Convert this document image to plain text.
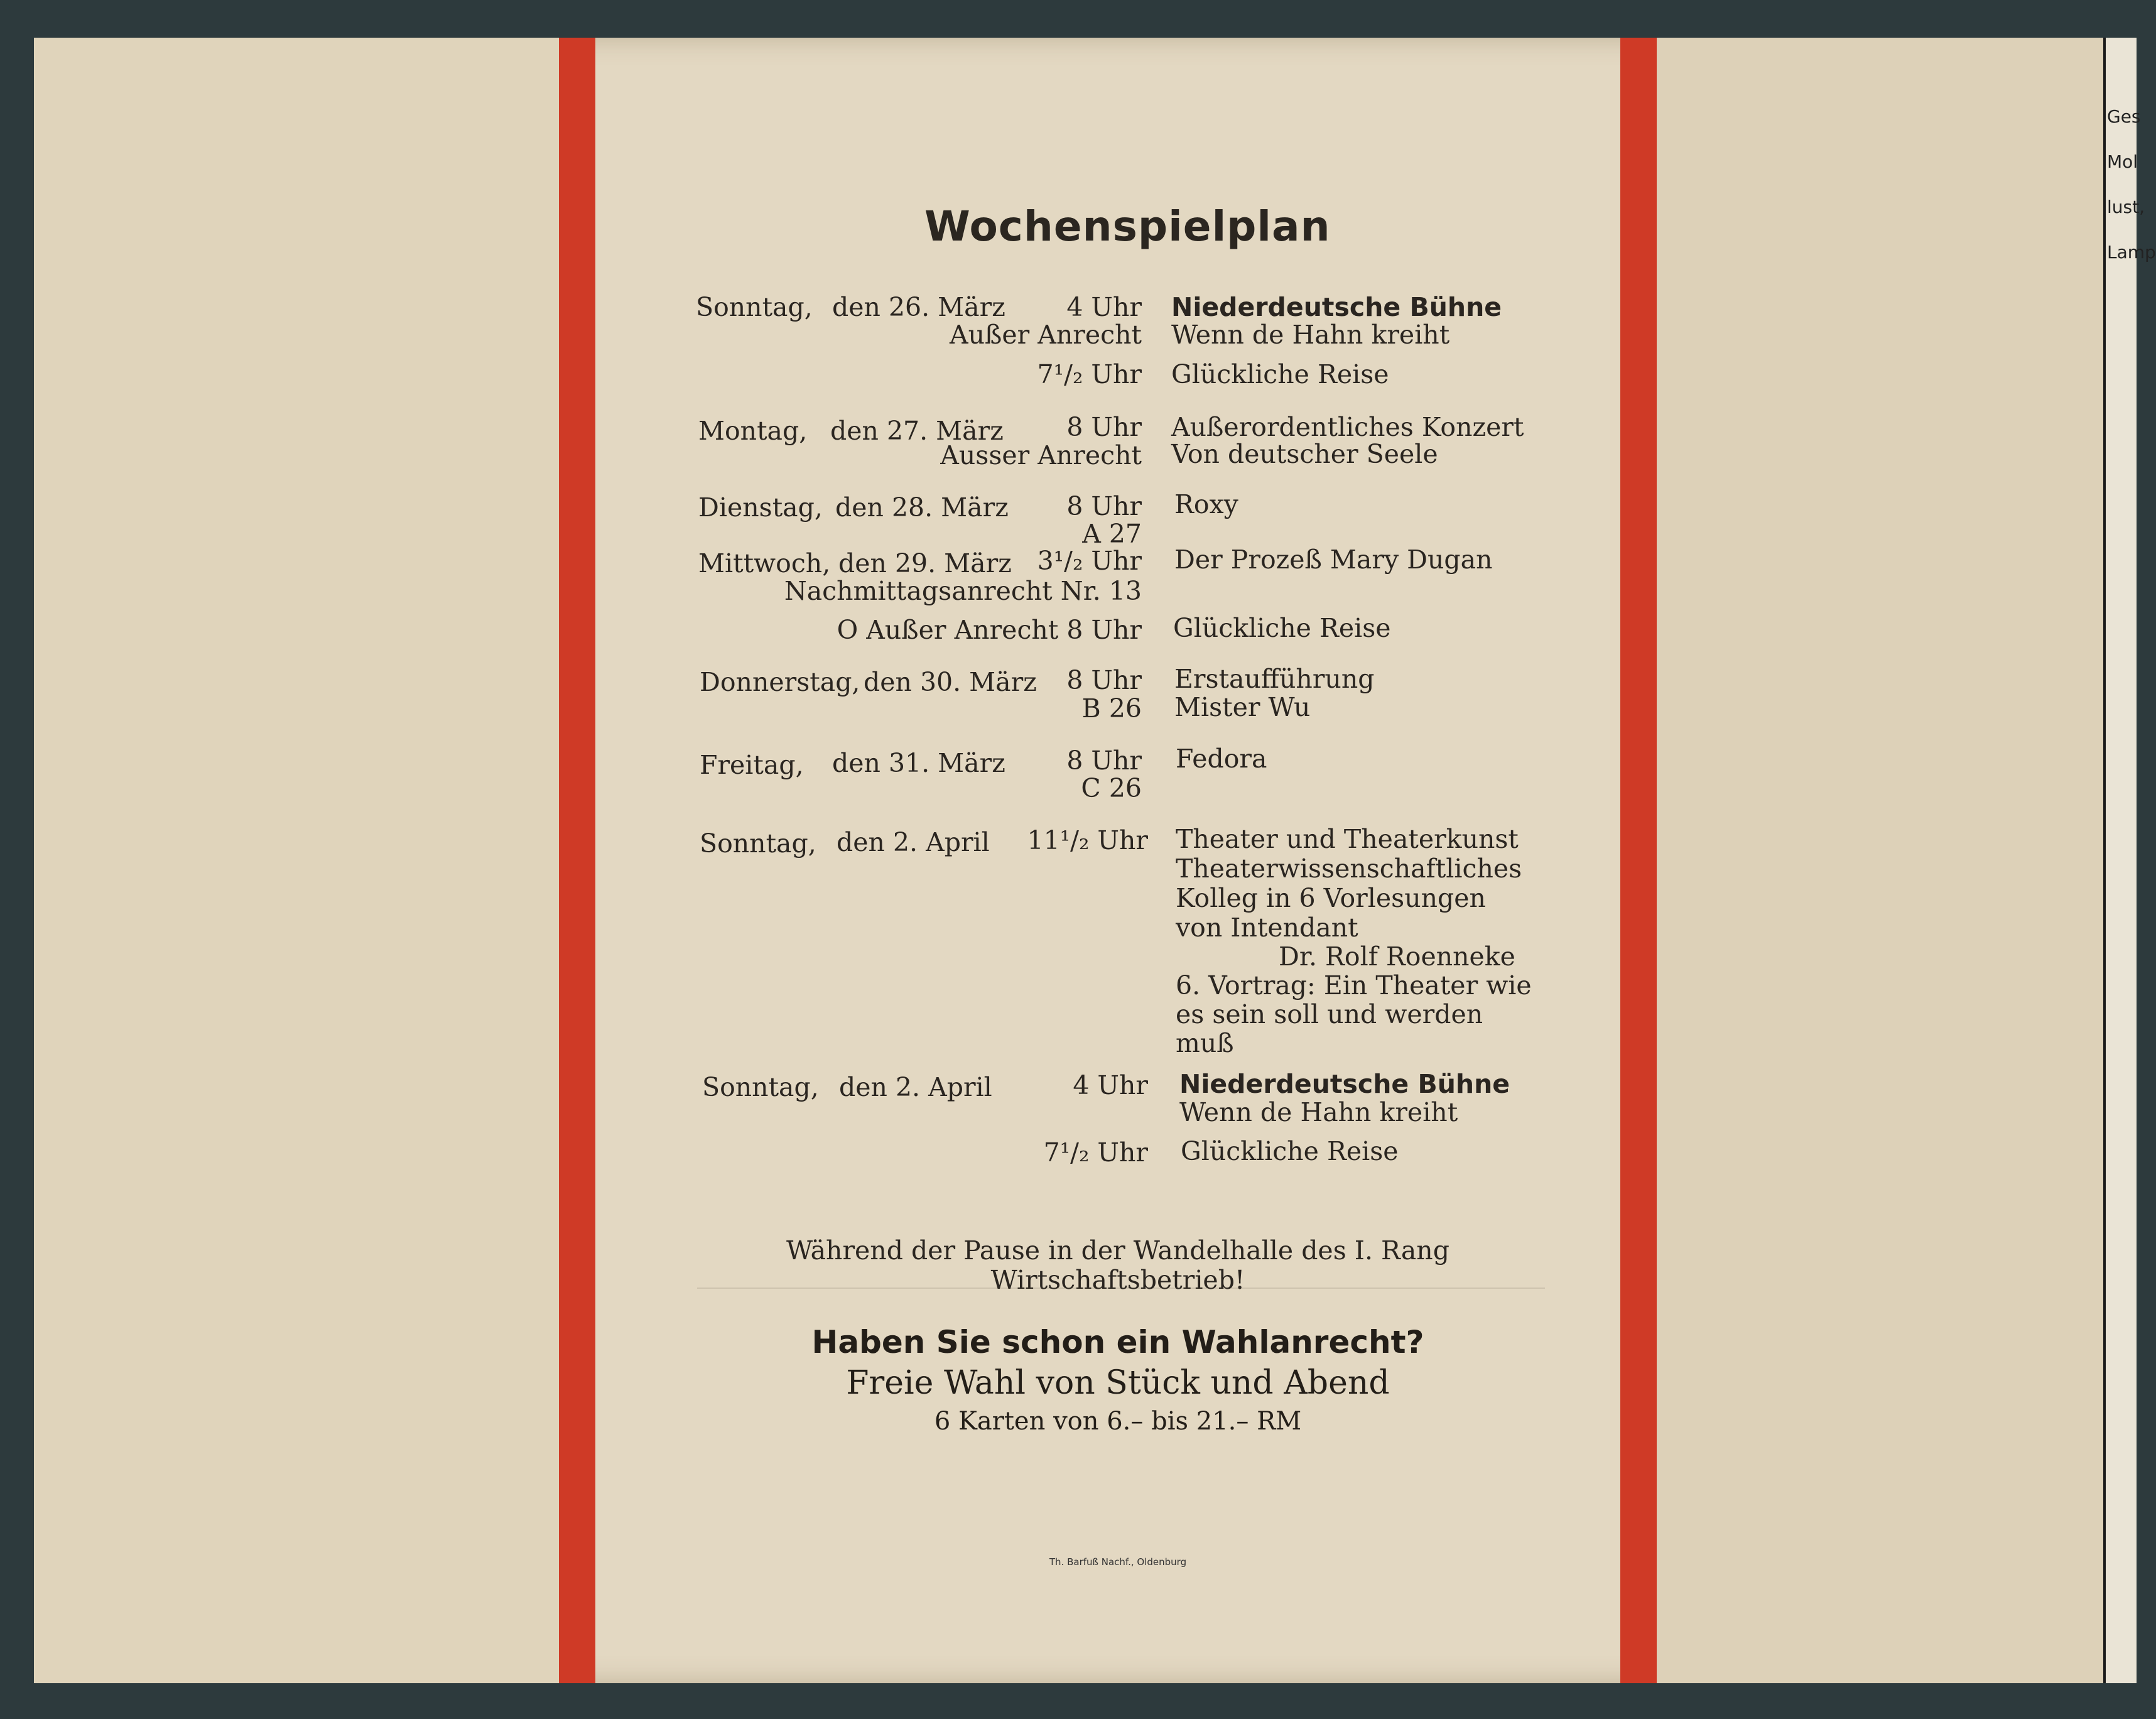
Ges
Mol
lust,
Lamp
Wochenspielplan
Sonntag, den 26. März 4 Uhr Niederdeutsche Bühne
Außer Anrecht Wenn de Hahn kreiht
7¹/₂ Uhr Glückliche Reise
Montag, den 27. März 8 Uhr Außerordentliches Konzert
Ausser Anrecht Von deutscher Seele
Dienstag, den 28. März 8 Uhr Roxy
A 27
Mittwoch, den 29. März 3¹/₂ Uhr Der Prozeß Mary Dugan
Nachmittagsanrecht Nr. 13
O Außer Anrecht 8 Uhr Glückliche Reise
Donnerstag, den 30. März 8 Uhr Erstaufführung
B 26 Mister Wu
Freitag, den 31. März 8 Uhr Fedora
C 26
Sonntag, den 2. April 11¹/₂ Uhr Theater und Theaterkunst
Theaterwissenschaftliches
Kolleg in 6 Vorlesungen
von Intendant
Dr. Rolf Roenneke
6. Vortrag: Ein Theater wie
es sein soll und werden
muß
Sonntag, den 2. April	4 Uhr Niederdeutsche Bühne
Wenn de Hahn kreiht
7¹/₂ Uhr Glückliche Reise
Während der Pause in der Wandelhalle des I. Rang
Wirtschaftsbetrieb!
Haben Sie schon ein Wahlanrecht?
Freie Wahl von Stück und Abend
6 Karten von 6.– bis 21.– RM
Th. Barfuß Nachf., Oldenburg
